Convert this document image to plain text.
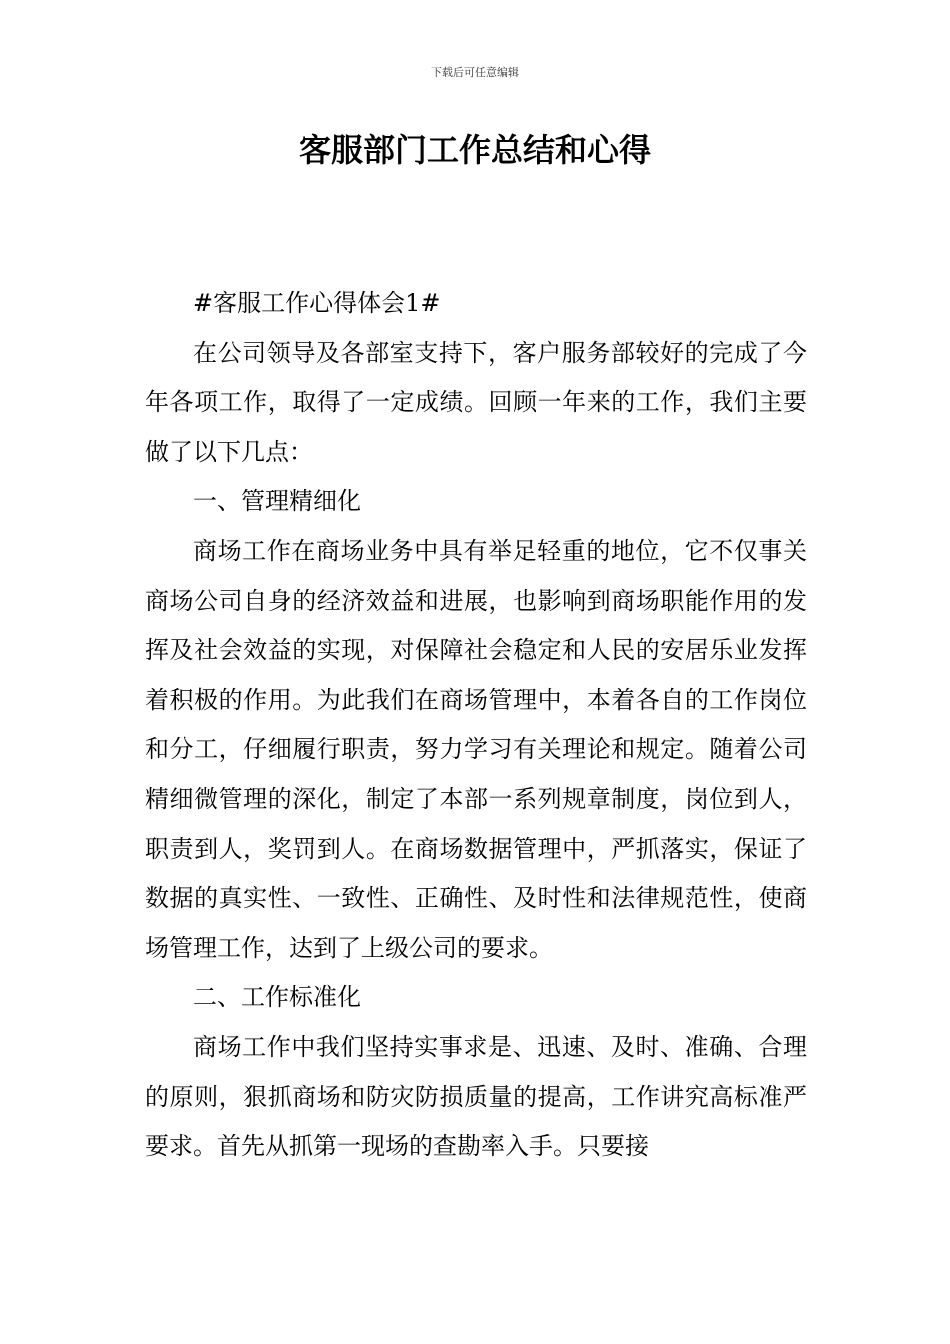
下载后可任意编辑
客服部门工作总结和心得

#客服工作心得体会1#

在公司领导及各部室支持下，客户服务部较好的完成了今年各项工作，取得了一定成绩。回顾一年来的工作，我们主要做了以下几点：

一、管理精细化

商场工作在商场业务中具有举足轻重的地位，它不仅事关商场公司自身的经济效益和进展，也影响到商场职能作用的发挥及社会效益的实现，对保障社会稳定和人民的安居乐业发挥着积极的作用。为此我们在商场管理中，本着各自的工作岗位和分工，仔细履行职责，努力学习有关理论和规定。随着公司精细微管理的深化，制定了本部一系列规章制度，岗位到人，职责到人，奖罚到人。在商场数据管理中，严抓落实，保证了数据的真实性、一致性、正确性、及时性和法律规范性，使商场管理工作，达到了上级公司的要求。

二、工作标准化

商场工作中我们坚持实事求是、迅速、及时、准确、合理的原则，狠抓商场和防灾防损质量的提高，工作讲究高标准严要求。首先从抓第一现场的查勘率入手。只要接
